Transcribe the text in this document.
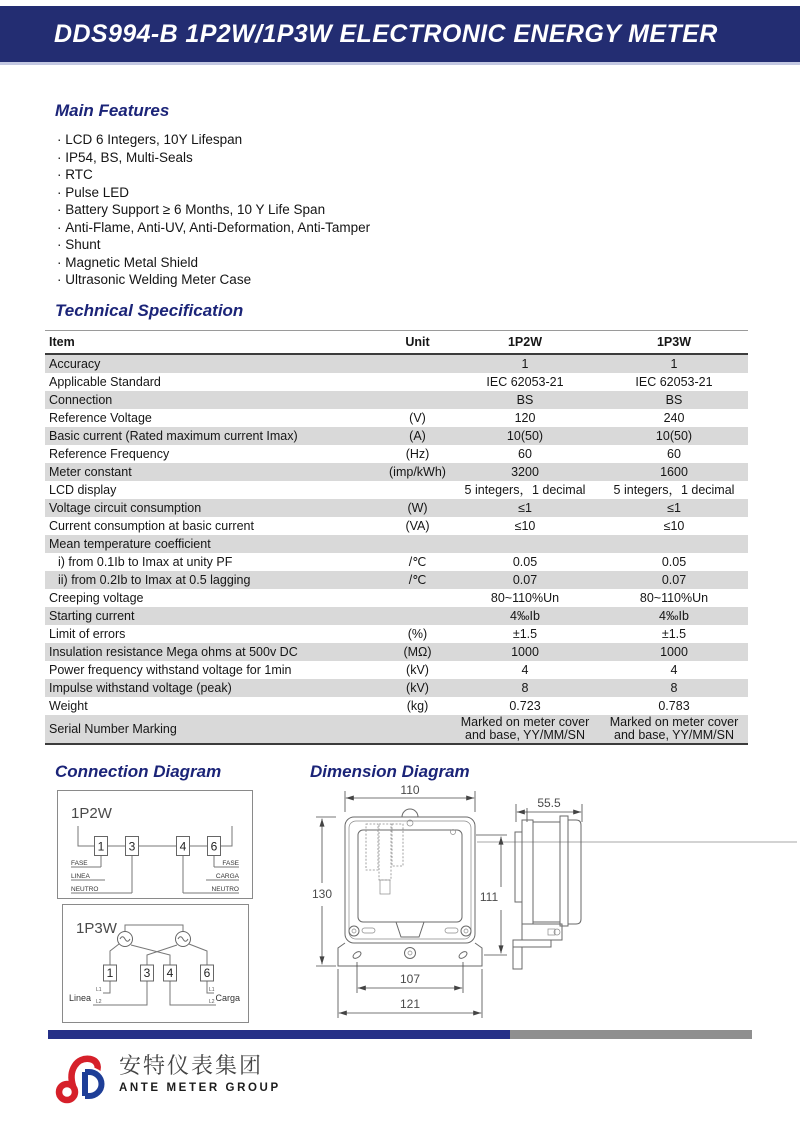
DDS994-B 1P2W/1P3W ELECTRONIC ENERGY METER
Main Features
· LCD 6 Integers, 10Y Lifespan
· IP54, BS, Multi-Seals
· RTC
· Pulse LED
· Battery Support ≥ 6 Months, 10 Y Life Span
· Anti-Flame, Anti-UV, Anti-Deformation, Anti-Tamper
· Shunt
· Magnetic Metal Shield
· Ultrasonic Welding Meter Case
Technical Specification
Item	Unit	1P2W	1P3W
Accuracy		1	1
Applicable Standard		IEC 62053-21	IEC 62053-21
Connection		BS	BS
Reference Voltage	(V)	120	240
Basic current (Rated maximum current Imax)	(A)	10(50)	10(50)
Reference Frequency	(Hz)	60	60
Meter constant	(imp/kWh)	3200	1600
LCD display		5 integers，1 decimal	5 integers，1 decimal
Voltage circuit consumption	(W)	≤1	≤1
Current consumption at basic current	(VA)	≤10	≤10
Mean temperature coefficient			
i) from 0.1Ib to Imax at unity PF	/℃	0.05	0.05
ii) from 0.2Ib to Imax at 0.5 lagging	/℃	0.07	0.07
Creeping voltage		80~110%Un	80~110%Un
Starting current		4‰Ib	4‰Ib
Limit of errors	(%)	±1.5	±1.5
Insulation resistance Mega ohms at 500v DC	(MΩ)	1000	1000
Power frequency withstand voltage for 1min	(kV)	4	4
Impulse withstand voltage (peak)	(kV)	8	8
Weight	(kg)	0.723	0.783
Serial Number Marking		Marked on meter cover and base, YY/MM/SN	Marked on meter cover and base, YY/MM/SN
Connection Diagram
1P2W
1 3	4 6
FASE
LINEA
NEUTRO
FASE
CARGA
NEUTRO
1P3W
1	3 4	6
Linea	Carga
L1
L2
L1
L2
Dimension Diagram
110
130	111
107
121
55.5
安特仪表集团
ANTE METER GROUP
